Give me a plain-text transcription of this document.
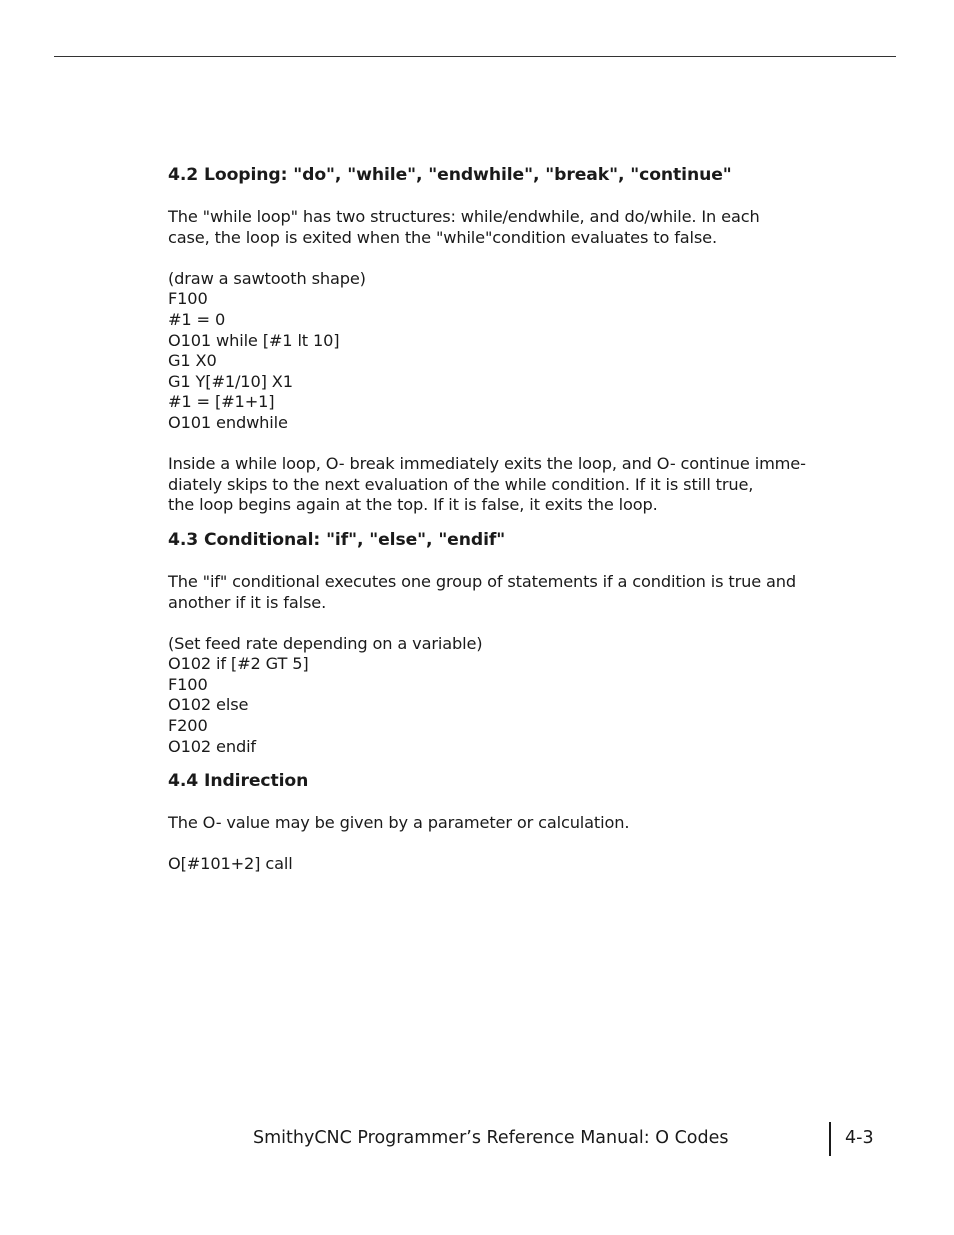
4.2 Looping: "do", "while", "endwhile", "break", "continue"

The "while loop" has two structures: while/endwhile, and do/while. In each
case, the loop is exited when the "while"condition evaluates to false.

(draw a sawtooth shape)
F100
#1 = 0
O101 while [#1 lt 10]
G1 X0
G1 Y[#1/10] X1
#1 = [#1+1]
O101 endwhile

Inside a while loop, O- break immediately exits the loop, and O- continue imme-
diately skips to the next evaluation of the while condition. If it is still true,
the loop begins again at the top. If it is false, it exits the loop.

4.3 Conditional: "if", "else", "endif"

The "if" conditional executes one group of statements if a condition is true and
another if it is false.

(Set feed rate depending on a variable)
O102 if [#2 GT 5]
F100
O102 else
F200
O102 endif
4.4 Indirection

The O- value may be given by a parameter or calculation.

O[#101+2] call
SmithyCNC Programmer’s Reference Manual: O Codes	4-3
